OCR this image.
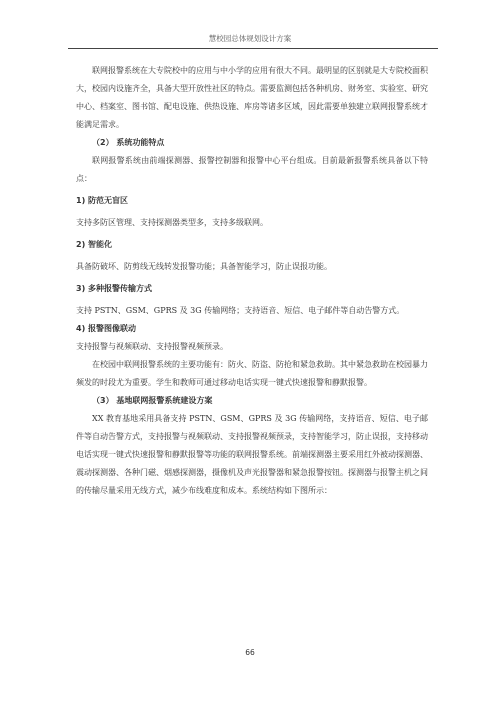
慧校园总体规划设计方案

联网报警系统在大专院校中的应用与中小学的应用有很大不同。最明显的区别就是大专院校面积大，校园内设施齐全，具备大型开放性社区的特点。需要监测包括各种机房、财务室、实验室、研究中心、档案室、图书馆、配电设施、供热设施、库房等诸多区域，因此需要单独建立联网报警系统才能满足需求。

（2） 系统功能特点

联网报警系统由前端探测器、报警控制器和报警中心平台组成。目前最新报警系统具备以下特点：

1) 防范无盲区

支持多防区管理、支持探测器类型多，支持多级联网。

2) 智能化

具备防破坏、防剪线无线转发报警功能；具备智能学习，防止误报功能。

3) 多种报警传输方式

支持 PSTN、GSM、GPRS 及 3G 传输网络；支持语音、短信、电子邮件等自动告警方式。

4) 报警图像联动

支持报警与视频联动、支持报警视频预录。

在校园中联网报警系统的主要功能有：防火、防盗、防抢和紧急救助。其中紧急救助在校园暴力频发的时段尤为重要。学生和教师可通过移动电话实现一键式快速报警和静默报警。

（3） 基地联网报警系统建设方案

XX 教育基地采用具备支持 PSTN、GSM、GPRS 及 3G 传输网络，支持语音、短信、电子邮件等自动告警方式，支持报警与视频联动、支持报警视频预录，支持智能学习，防止误报，支持移动电话实现一键式快速报警和静默报警等功能的联网报警系统。前端探测器主要采用红外被动探测器、震动探测器、各种门磁、烟感探测器，摄像机及声光报警器和紧急报警按钮。探测器与报警主机之间的传输尽量采用无线方式，减少布线难度和成本。系统结构如下图所示：

66
